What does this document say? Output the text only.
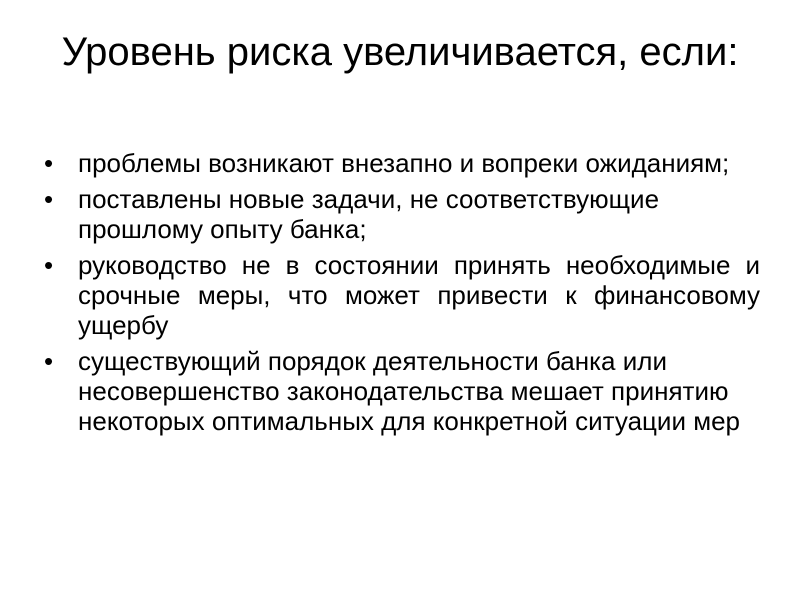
Уровень риска увеличивается, если:
• проблемы возникают внезапно и вопреки ожиданиям;
• поставлены новые задачи, не соответствующие прошлому опыту банка;
• руководство не в состоянии принять необходимые и срочные меры, что может привести к финансовому ущербу
• существующий порядок деятельности банка или несовершенство законодательства мешает принятию некоторых оптимальных для конкретной ситуации мер
